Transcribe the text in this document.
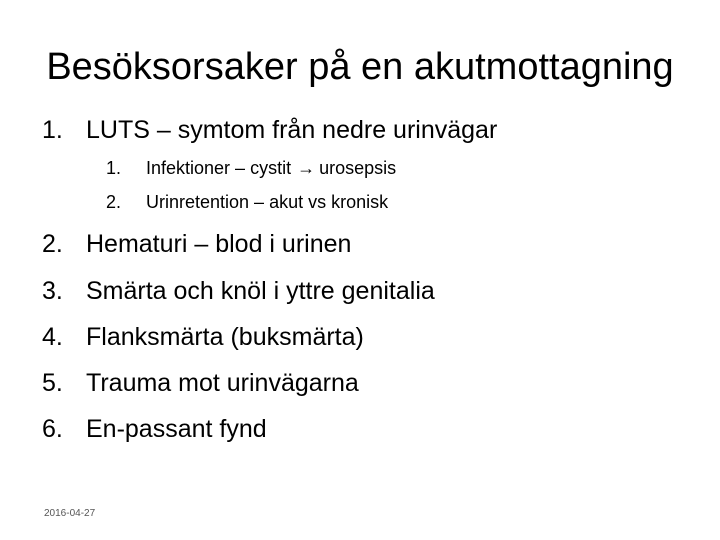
Besöksorsaker på en akutmottagning
1. LUTS – symtom från nedre urinvägar
1. Infektioner – cystit → urosepsis
2. Urinretention – akut vs kronisk
2. Hematuri – blod i urinen
3. Smärta och knöl i yttre genitalia
4. Flanksmärta (buksmärta)
5. Trauma mot urinvägarna
6. En-passant fynd
2016-04-27
